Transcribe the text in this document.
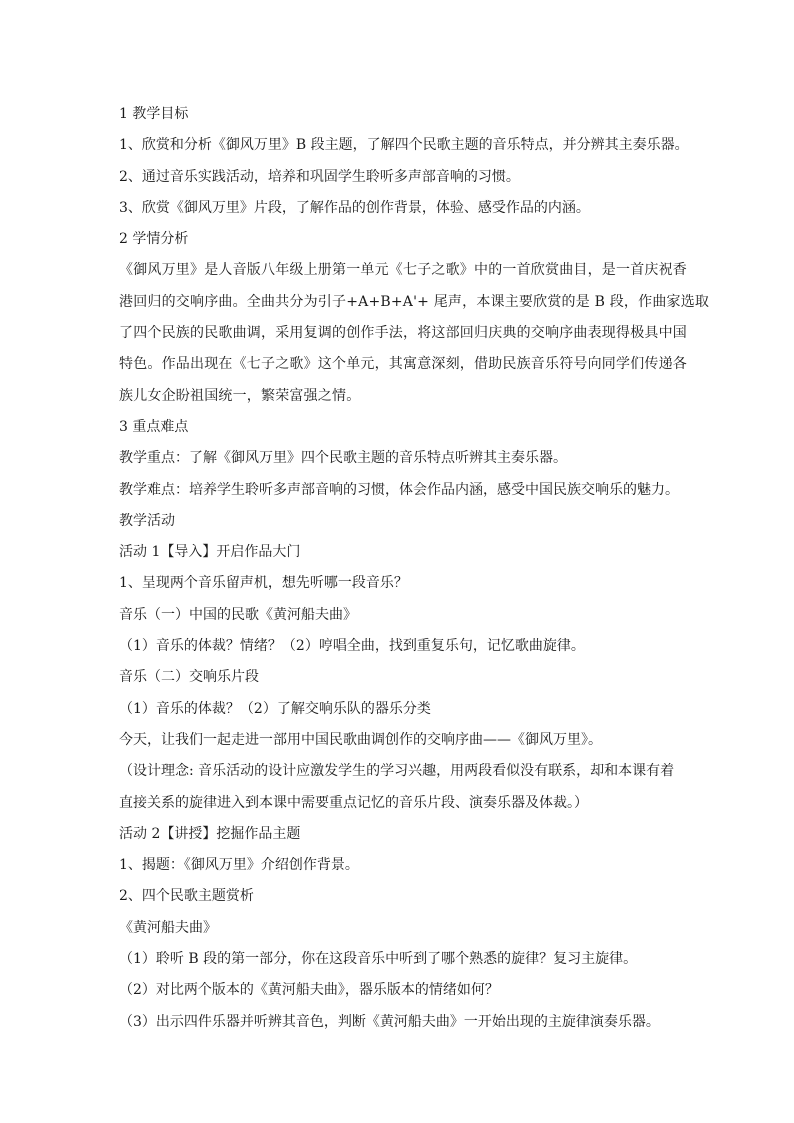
1 教学目标
1、欣赏和分析《御风万里》B 段主题，了解四个民歌主题的音乐特点，并分辨其主奏乐器。
2、通过音乐实践活动，培养和巩固学生聆听多声部音响的习惯。
3、欣赏《御风万里》片段，了解作品的创作背景，体验、感受作品的内涵。
2 学情分析
《御风万里》是人音版八年级上册第一单元《七子之歌》中的一首欣赏曲目，是一首庆祝香
港回归的交响序曲。全曲共分为引子+A+B+A'+ 尾声，本课主要欣赏的是 B 段，作曲家选取
了四个民族的民歌曲调，采用复调的创作手法，将这部回归庆典的交响序曲表现得极具中国
特色。作品出现在《七子之歌》这个单元，其寓意深刻，借助民族音乐符号向同学们传递各
族儿女企盼祖国统一，繁荣富强之情。
3 重点难点
教学重点：了解《御风万里》四个民歌主题的音乐特点听辨其主奏乐器。
教学难点：培养学生聆听多声部音响的习惯，体会作品内涵，感受中国民族交响乐的魅力。
教学活动
活动 1【导入】开启作品大门
1、呈现两个音乐留声机，想先听哪一段音乐？
音乐（一）中国的民歌《黄河船夫曲》
（1）音乐的体裁？情绪？（2）哼唱全曲，找到重复乐句，记忆歌曲旋律。
音乐（二）交响乐片段
（1）音乐的体裁？（2）了解交响乐队的器乐分类
今天，让我们一起走进一部用中国民歌曲调创作的交响序曲——《御风万里》。
（设计理念: 音乐活动的设计应激发学生的学习兴趣，用两段看似没有联系，却和本课有着
直接关系的旋律进入到本课中需要重点记忆的音乐片段、演奏乐器及体裁。）
活动 2【讲授】挖掘作品主题
1、揭题：《御风万里》介绍创作背景。
2、四个民歌主题赏析
《黄河船夫曲》
（1）聆听 B 段的第一部分，你在这段音乐中听到了哪个熟悉的旋律？复习主旋律。
（2）对比两个版本的《黄河船夫曲》，器乐版本的情绪如何？
（3）出示四件乐器并听辨其音色，判断《黄河船夫曲》一开始出现的主旋律演奏乐器。
